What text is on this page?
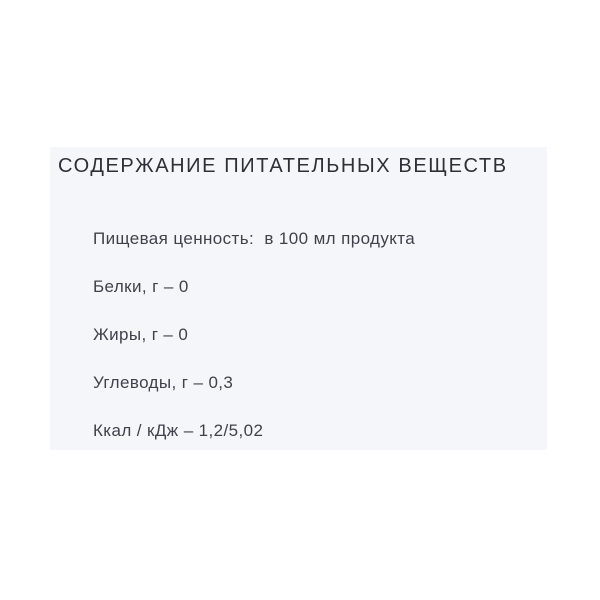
СОДЕРЖАНИЕ ПИТАТЕЛЬНЫХ ВЕЩЕСТВ
Пищевая ценность:  в 100 мл продукта
Белки, г – 0
Жиры, г – 0
Углеводы, г – 0,3
Ккал / кДж – 1,2/5,02
